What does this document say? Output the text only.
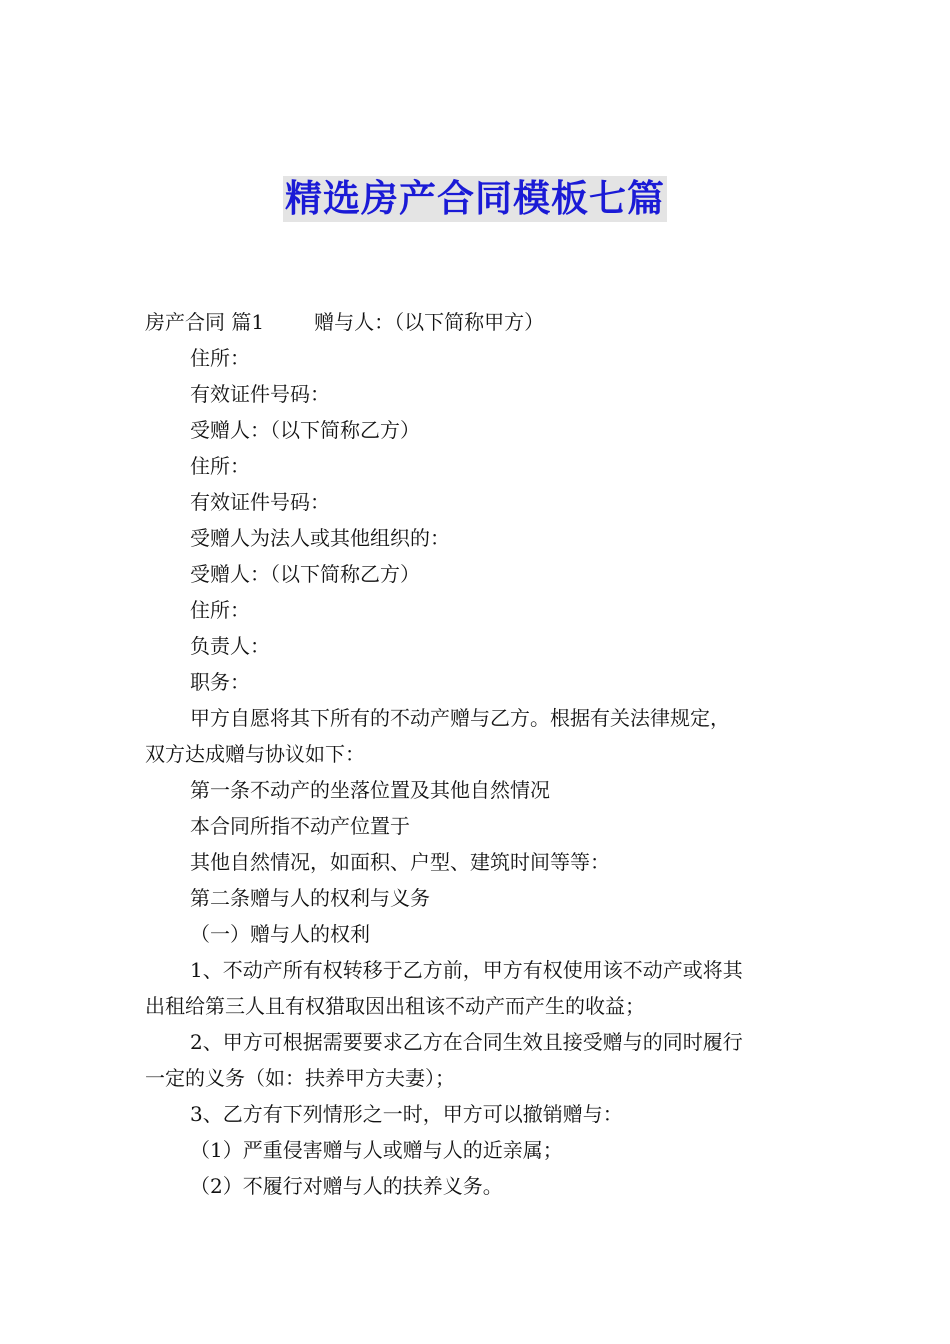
精选房产合同模板七篇
房产合同 篇1	赠与人：（以下简称甲方）
住所：
有效证件号码：
受赠人：（以下简称乙方）
住所：
有效证件号码：
受赠人为法人或其他组织的：
受赠人：（以下简称乙方）
住所：
负责人：
职务：
甲方自愿将其下所有的不动产赠与乙方。根据有关法律规定，
双方达成赠与协议如下：
第一条不动产的坐落位置及其他自然情况
本合同所指不动产位置于
其他自然情况，如面积、户型、建筑时间等等：
第二条赠与人的权利与义务
（一）赠与人的权利
1、不动产所有权转移于乙方前，甲方有权使用该不动产或将其
出租给第三人且有权猎取因出租该不动产而产生的收益；
2、甲方可根据需要要求乙方在合同生效且接受赠与的同时履行
一定的义务（如：扶养甲方夫妻）；
3、乙方有下列情形之一时，甲方可以撤销赠与：
（1）严重侵害赠与人或赠与人的近亲属；
（2）不履行对赠与人的扶养义务。
